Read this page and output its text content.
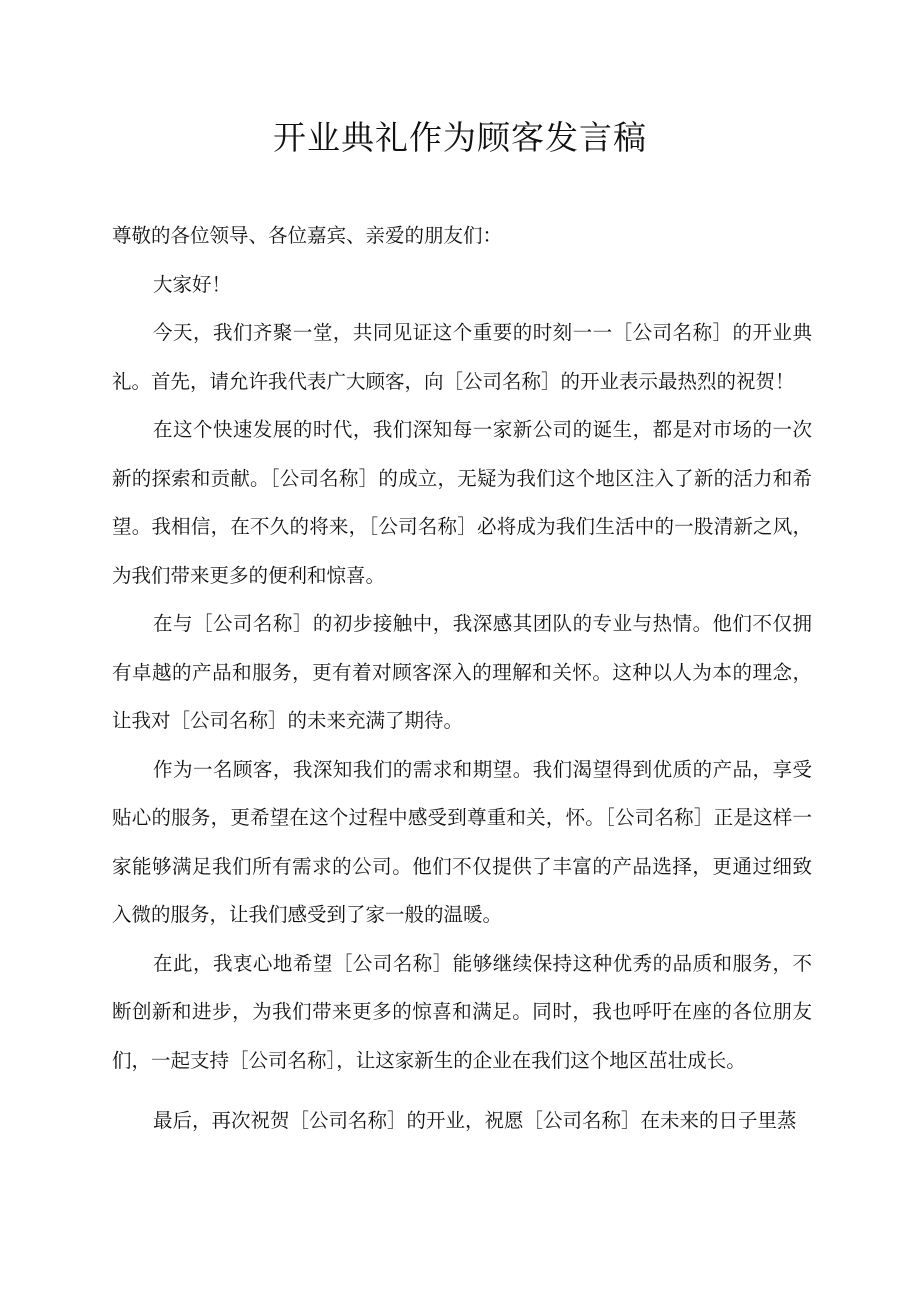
开业典礼作为顾客发言稿

尊敬的各位领导、各位嘉宾、亲爱的朋友们：

大家好！

今天，我们齐聚一堂，共同见证这个重要的时刻一一［公司名称］的开业典礼。首先，请允许我代表广大顾客，向［公司名称］的开业表示最热烈的祝贺！

在这个快速发展的时代，我们深知每一家新公司的诞生，都是对市场的一次新的探索和贡献。［公司名称］的成立，无疑为我们这个地区注入了新的活力和希望。我相信，在不久的将来，［公司名称］必将成为我们生活中的一股清新之风，为我们带来更多的便利和惊喜。

在与［公司名称］的初步接触中，我深感其团队的专业与热情。他们不仅拥有卓越的产品和服务，更有着对顾客深入的理解和关怀。这种以人为本的理念，让我对［公司名称］的未来充满了期待。

作为一名顾客，我深知我们的需求和期望。我们渴望得到优质的产品，享受贴心的服务，更希望在这个过程中感受到尊重和关，怀。［公司名称］正是这样一家能够满足我们所有需求的公司。他们不仅提供了丰富的产品选择，更通过细致入微的服务，让我们感受到了家一般的温暖。

在此，我衷心地希望［公司名称］能够继续保持这种优秀的品质和服务，不断创新和进步，为我们带来更多的惊喜和满足。同时，我也呼吁在座的各位朋友们，一起支持［公司名称］，让这家新生的企业在我们这个地区茁壮成长。

最后，再次祝贺［公司名称］的开业，祝愿［公司名称］在未来的日子里蒸
